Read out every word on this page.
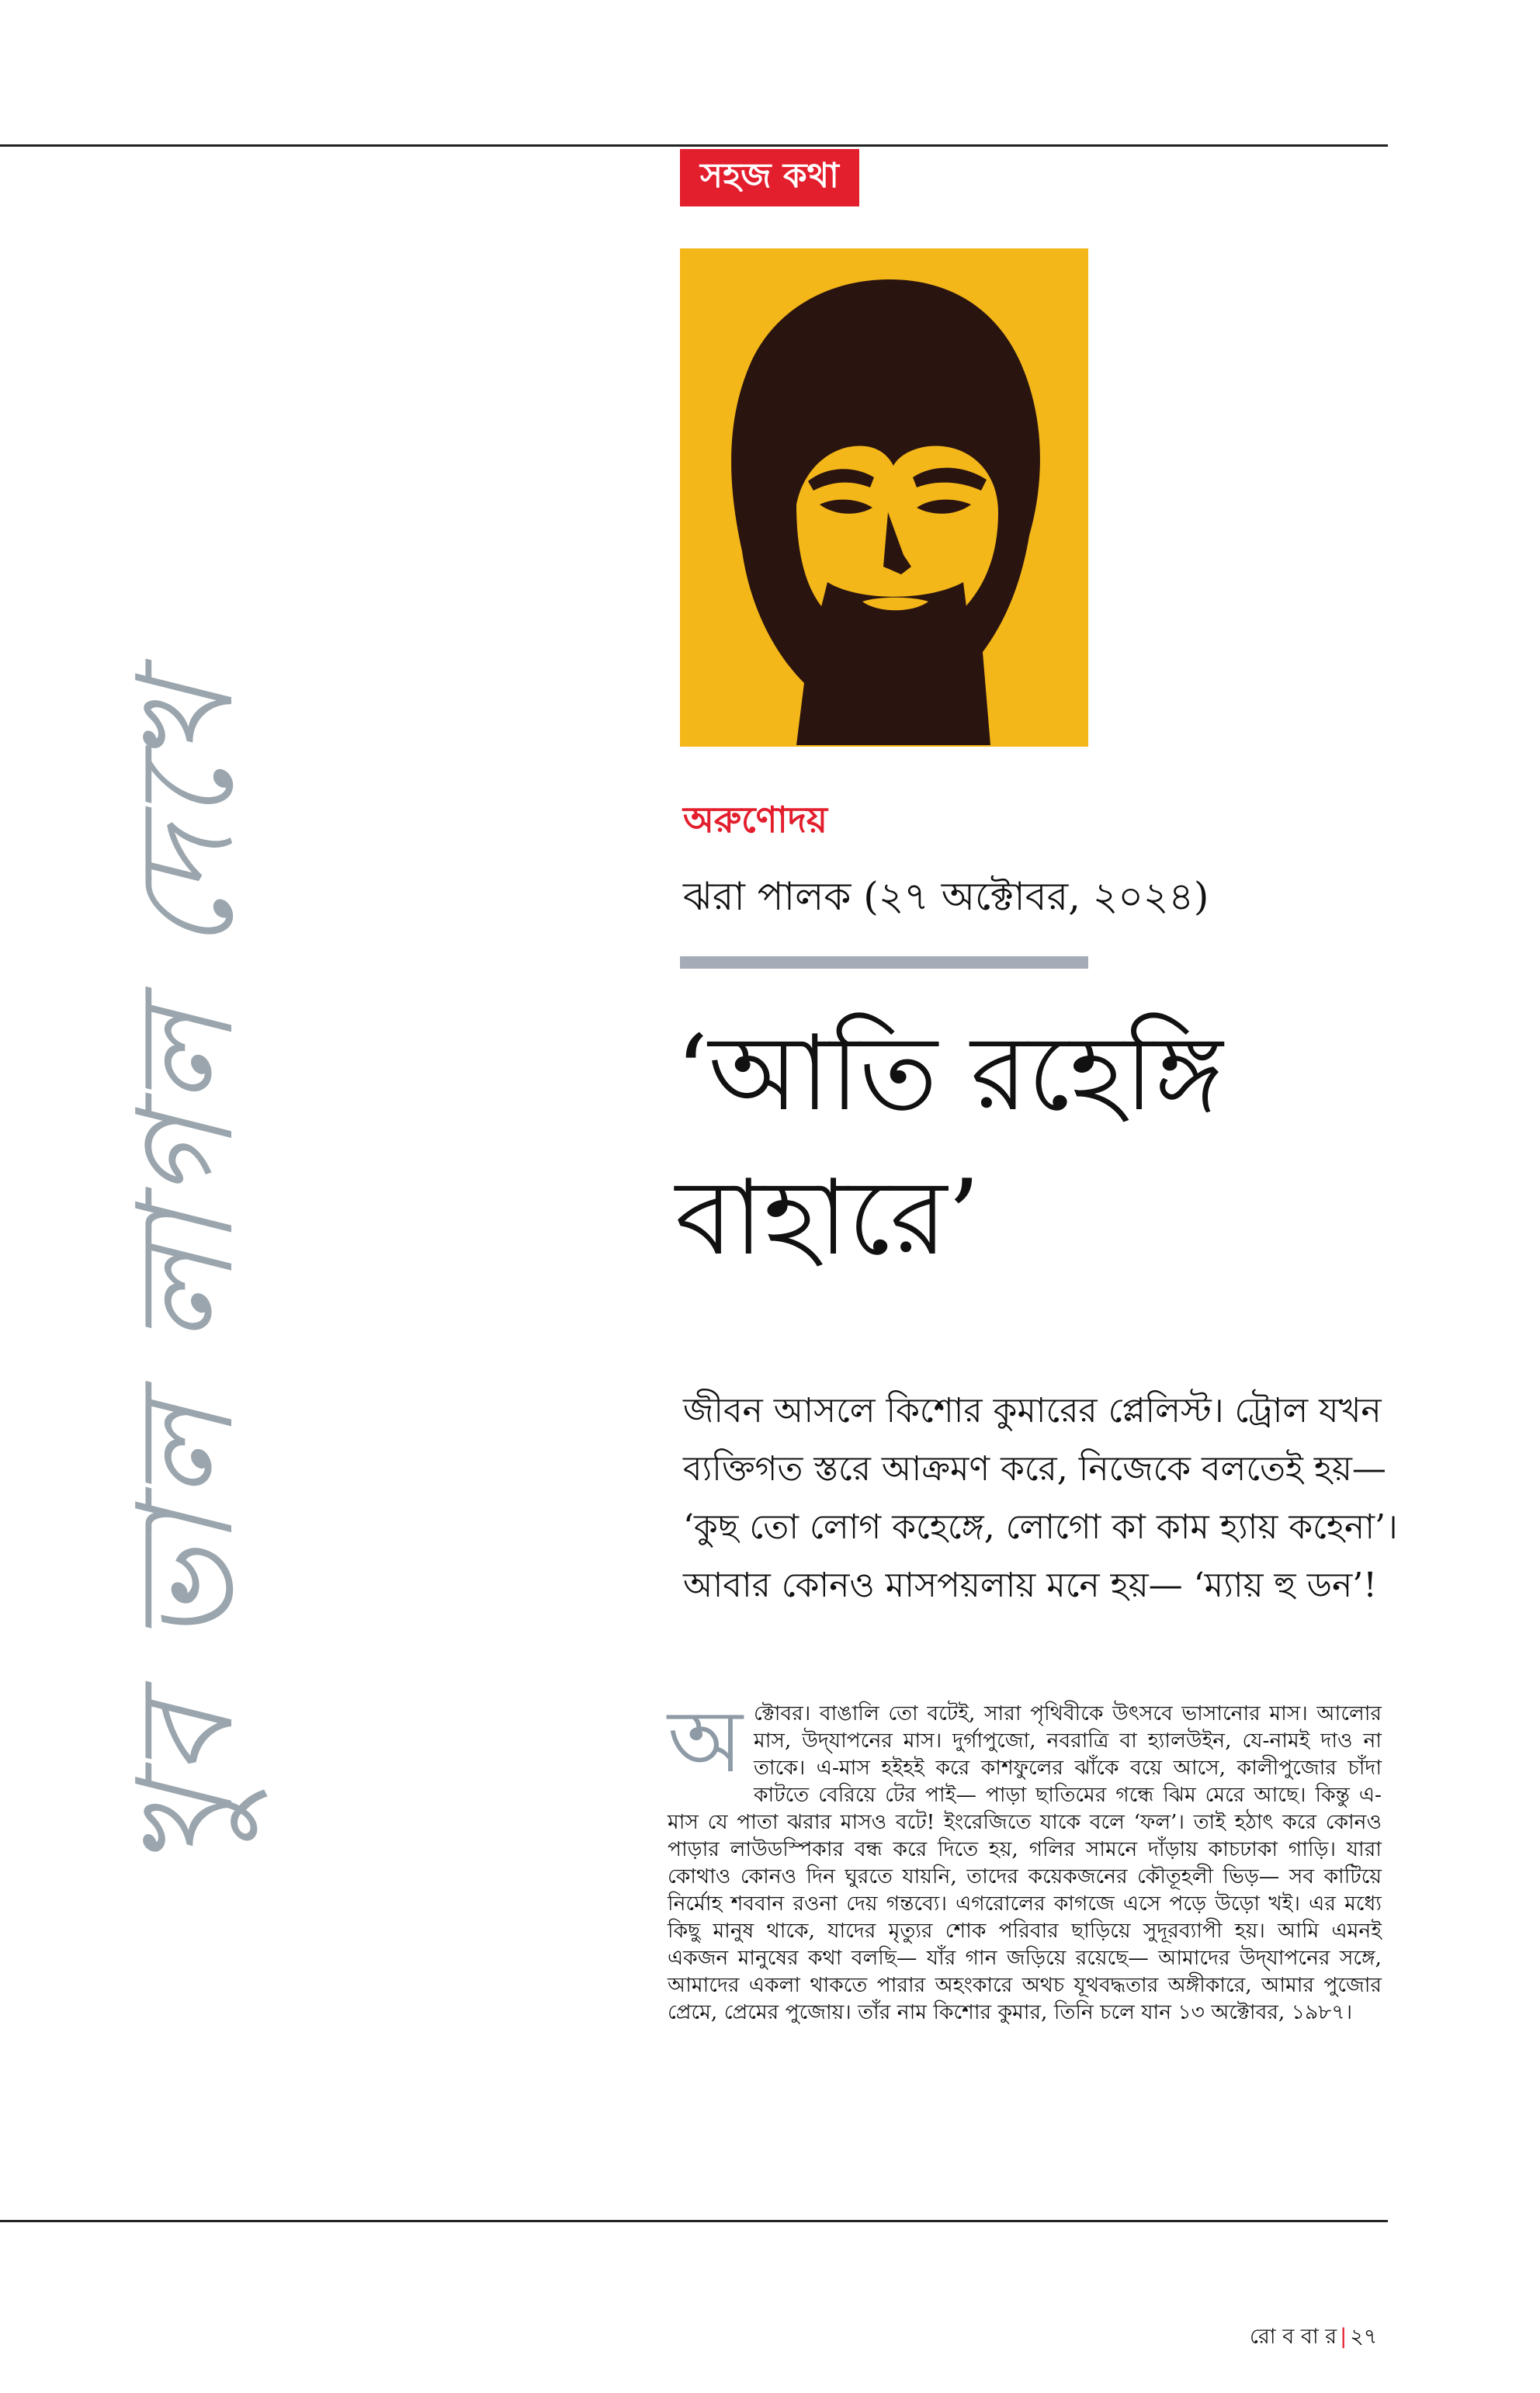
সহজ কথা
খুব ভাল লাগল দেখে	অরুণোদয়
ঝরা পালক (২৭ অক্টোবর, ২০২৪)
‘আতি রহেঙ্গি
বাহারে’
জীবন আসলে কিশোর কুমারের প্লেলিস্ট। ট্রোল যখন ব্যক্তিগত স্তরে আক্রমণ করে, নিজেকে বলতেই হয়— ‘কুছ তো লোগ কহেঙ্গে, লোগো কা কাম হ্যায় কহেনা’। আবার কোনও মাসপয়লায় মনে হয়— ‘ম্যায় হু ডন’!
অ ক্টোবর। বাঙালি তো বটেই, সারা পৃথিবীকে উৎসবে ভাসানোর মাস। আলোর মাস, উদ্‌যাপনের মাস। দুর্গাপুজো, নবরাত্রি বা হ্যালউইন, যে-নামই দাও না তাকে। এ-মাস হইহই করে কাশফুলের ঝাঁকে বয়ে আসে, কালীপুজোর চাঁদা কাটতে বেরিয়ে টের পাই— পাড়া ছাতিমের গন্ধে ঝিম মেরে আছে। কিন্তু এ-মাস যে পাতা ঝরার মাসও বটে! ইংরেজিতে যাকে বলে ‘ফল’। তাই হঠাৎ করে কোনও পাড়ার লাউডস্পিকার বন্ধ করে দিতে হয়, গলির সামনে দাঁড়ায় কাচঢাকা গাড়ি। যারা কোথাও কোনও দিন ঘুরতে যায়নি, তাদের কয়েকজনের কৌতূহলী ভিড়— সব কাটিয়ে নির্মোহ শববান রওনা দেয় গন্তব্যে। এগরোলের কাগজে এসে পড়ে উড়ো খই। এর মধ্যে কিছু মানুষ থাকে, যাদের মৃত্যুর শোক পরিবার ছাড়িয়ে সুদূরব্যাপী হয়। আমি এমনই একজন মানুষের কথা বলছি— যাঁর গান জড়িয়ে রয়েছে— আমাদের উদ্‌যাপনের সঙ্গে, আমাদের একলা থাকতে পারার অহংকারে অথচ যূথবদ্ধতার অঙ্গীকারে, আমার পুজোর প্রেমে, প্রেমের পুজোয়। তাঁর নাম কিশোর কুমার, তিনি চলে যান ১৩ অক্টোবর, ১৯৮৭।
রো ব বা র | ২৭
